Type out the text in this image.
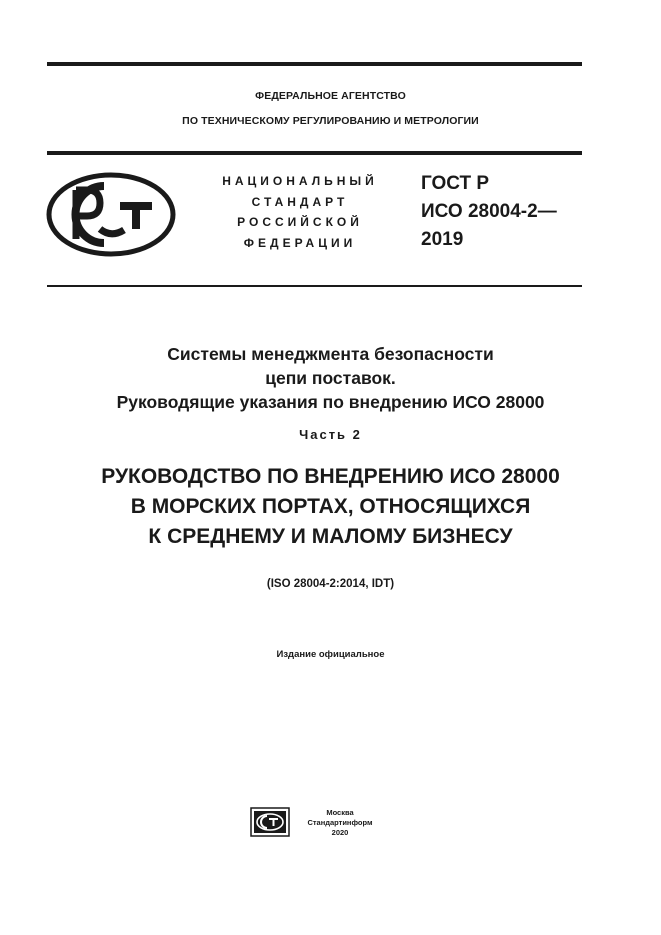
ФЕДЕРАЛЬНОЕ АГЕНТСТВО
ПО ТЕХНИЧЕСКОМУ РЕГУЛИРОВАНИЮ И МЕТРОЛОГИИ
НАЦИОНАЛЬНЫЙ
СТАНДАРТ
РОССИЙСКОЙ
ФЕДЕРАЦИИ
ГОСТ Р
ИСО 28004-2—
2019
Системы менеджмента безопасности
цепи поставок.
Руководящие указания по внедрению ИСО 28000
Часть 2
РУКОВОДСТВО ПО ВНЕДРЕНИЮ ИСО 28000
В МОРСКИХ ПОРТАХ, ОТНОСЯЩИХСЯ
К СРЕДНЕМУ И МАЛОМУ БИЗНЕСУ
(ISO 28004-2:2014, IDT)
Издание официальное
Москва
Стандартинформ
2020
